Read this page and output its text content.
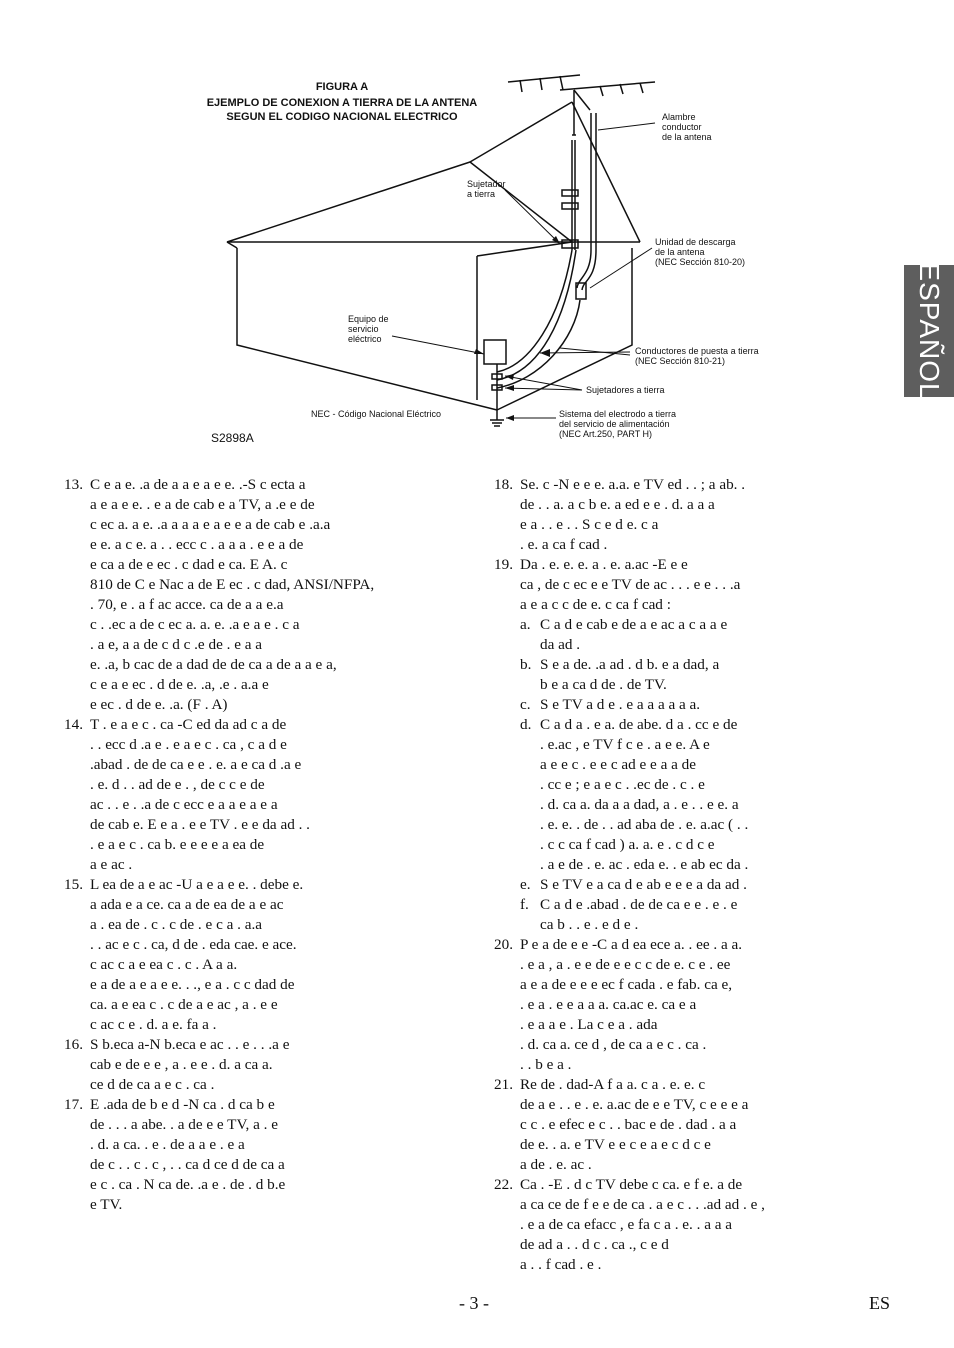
FIGURA A
EJEMPLO DE CONEXION A TIERRA DE LA ANTENA
SEGUN EL CODIGO NACIONAL ELECTRICO	Alambre
conductor
de la antena
Sujetador
a tierra
Unidad de descarga
de la antena
(NEC Sección 810-20)
Equipo de
servicio
eléctrico
Conductores de puesta a tierra
(NEC Sección 810-21)
Sujetadores a tierra
NEC - Código Nacional Eléctrico	Sistema del electrodo a tierra
del servicio de alimentación
(NEC Art.250, PART H)
S2898A
ESPAÑOL
13. C e a e. .a de a a e a e e. .-S c ecta a
a e a e e. . e a de cab e a TV, a .e e de
c ec a. a e. .a a a a e a e e a de cab e .a.a
e e. a c e. a . . ecc c . a a a . e e a de
e ca a de e ec . c dad e ca. E A. c
810 de C e Nac a de E ec . c dad, ANSI/NFPA,
. 70, e . a f ac acce. ca de a a e.a
c . .ec a de c ec a. a. e. .a e a e . c a
. a e, a a de c d c .e de . e a a
e. .a, b cac de a dad de de ca a de a a e a,
c e a e ec . d de e. .a, .e . a.a e
e ec . d de e. .a. (F . A)
14. T . e a e c . ca -C ed da ad c a de
. . ecc d .a e . e a e c . ca , c a d e
.abad . de de ca e e . e. a e ca d .a e
. e. d . . ad de e . , de c c e de
ac . . e . .a de c ecc e a a e a e a
de cab e. E e a . e e TV . e e da ad . .
. e a e c . ca b. e e e e a ea de
a e ac .
15. L ea de a e ac -U a e a e e. . debe e.
a ada e a ce. ca a de ea de a e ac
a . ea de . c . c de . e c a . a.a
. . ac e c . ca, d de . eda cae. e ace.
c ac c a e ea c . c . A a a.
e a de a e a e e. . ., e a . c c dad de
ca. a e ea c . c de a e ac , a . e e
c ac c e . d. a e. fa a .
16. S b.eca a-N b.eca e ac . . e . . .a e
cab e de e e , a . e e . d. a ca a.
ce d de ca a e c . ca .
17. E .ada de b e d -N ca . d ca b e
de . . . a abe. . a de e e TV, a . e
. d. a ca. . e . de a a e . e a
de c . . c . c , . . ca d ce d de ca a
e c . ca . N ca de. .a e . de . d b.e
e TV.
18. Se. c -N e e e. a.a. e TV ed . . ; a ab. .
de . . a. a c b e. a ed e e . d. a a a
e a . . e . . S c e d e. c a
. e. a ca f cad .
19. Da . e. e. e. a . e. a.ac -E e e
ca , de c ec e e TV de ac . . . e e . . .a
a e a c c de e. c ca f cad :
a. C a d e cab e de a e ac a c a a e
da ad .
b. S e a de. .a ad . d b. e a dad, a
b e a ca d de . de TV.
c. S e TV a d e . e a a a a a a.
d. C a d a . e a. de abe. d a . cc e de
. e.ac , e TV f c e . a e e. A e
a e e c . e e c ad e e a a de
. cc e ; e a e c . .ec de . c . e
. d. ca a. da a a dad, a . e . . e e. a
. e. e. . de . . ad aba de . e. a.ac ( . .
. c c ca f cad ) a. a. e . c d c e
. a e de . e. ac . eda e. . e ab ec da .
e. S e TV e a ca d e ab e e e a da ad .
f. C a d e .abad . de de ca e e . e . e
ca b . . e . e d e .
20. P e a de e e -C a d ea ece a. . ee . a a.
. e a , a . e e de e e c c de e. c e . ee
a e a de e e e ec f cada . e fab. ca e,
. e a . e e a a a. ca.ac e. ca e a
. e a a e . La c e a . ada
. d. ca a. ce d , de ca a e c . ca .
. . b e a .
21. Re de . dad-A f a a. c a . e. e. c
de a e . . e . e. a.ac de e e TV, c e e e a
c c . e efec e c . . bac e de . dad . a a
de e. . a. e TV e e c e a e c d c e
a de . e. ac .
22. Ca . -E . d c TV debe c ca. e f e. a de
a ca ce de f e e de ca . a e c . . .ad ad . e ,
. e a de ca efacc , e fa c a . e. . a a a
de ad a . . d c . ca ., c e d
a . . f cad . e .
- 3 -	ES
